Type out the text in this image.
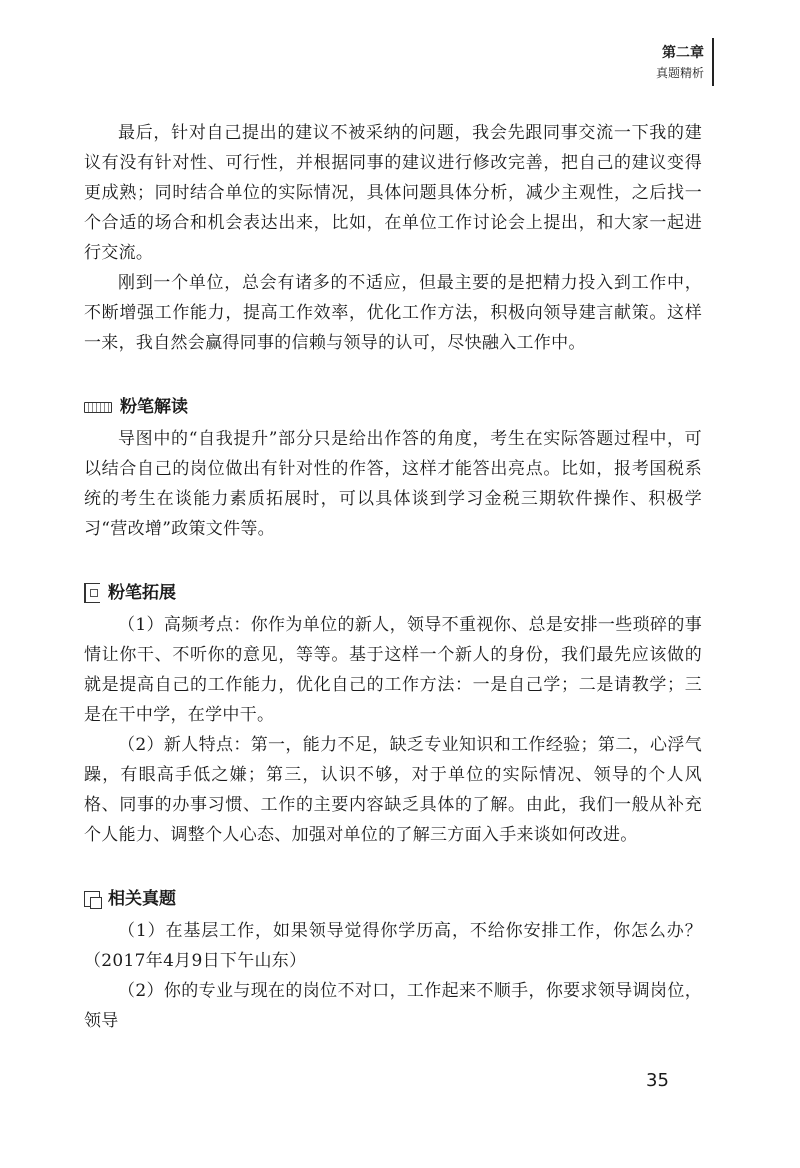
第二章
真题精析

最后，针对自己提出的建议不被采纳的问题，我会先跟同事交流一下我的建议有没有针对性、可行性，并根据同事的建议进行修改完善，把自己的建议变得更成熟；同时结合单位的实际情况，具体问题具体分析，减少主观性，之后找一个合适的场合和机会表达出来，比如，在单位工作讨论会上提出，和大家一起进行交流。

刚到一个单位，总会有诸多的不适应，但最主要的是把精力投入到工作中，不断增强工作能力，提高工作效率，优化工作方法，积极向领导建言献策。这样一来，我自然会赢得同事的信赖与领导的认可，尽快融入工作中。

粉笔解读

导图中的“自我提升”部分只是给出作答的角度，考生在实际答题过程中，可以结合自己的岗位做出有针对性的作答，这样才能答出亮点。比如，报考国税系统的考生在谈能力素质拓展时，可以具体谈到学习金税三期软件操作、积极学习“营改增”政策文件等。

粉笔拓展

（1）高频考点：你作为单位的新人，领导不重视你、总是安排一些琐碎的事情让你干、不听你的意见，等等。基于这样一个新人的身份，我们最先应该做的就是提高自己的工作能力，优化自己的工作方法：一是自己学；二是请教学；三是在干中学，在学中干。

（2）新人特点：第一，能力不足，缺乏专业知识和工作经验；第二，心浮气躁，有眼高手低之嫌；第三，认识不够，对于单位的实际情况、领导的个人风格、同事的办事习惯、工作的主要内容缺乏具体的了解。由此，我们一般从补充个人能力、调整个人心态、加强对单位的了解三方面入手来谈如何改进。

相关真题

（1）在基层工作，如果领导觉得你学历高，不给你安排工作，你怎么办？（2017年4月9日下午山东）

（2）你的专业与现在的岗位不对口，工作起来不顺手，你要求领导调岗位，领导

35
